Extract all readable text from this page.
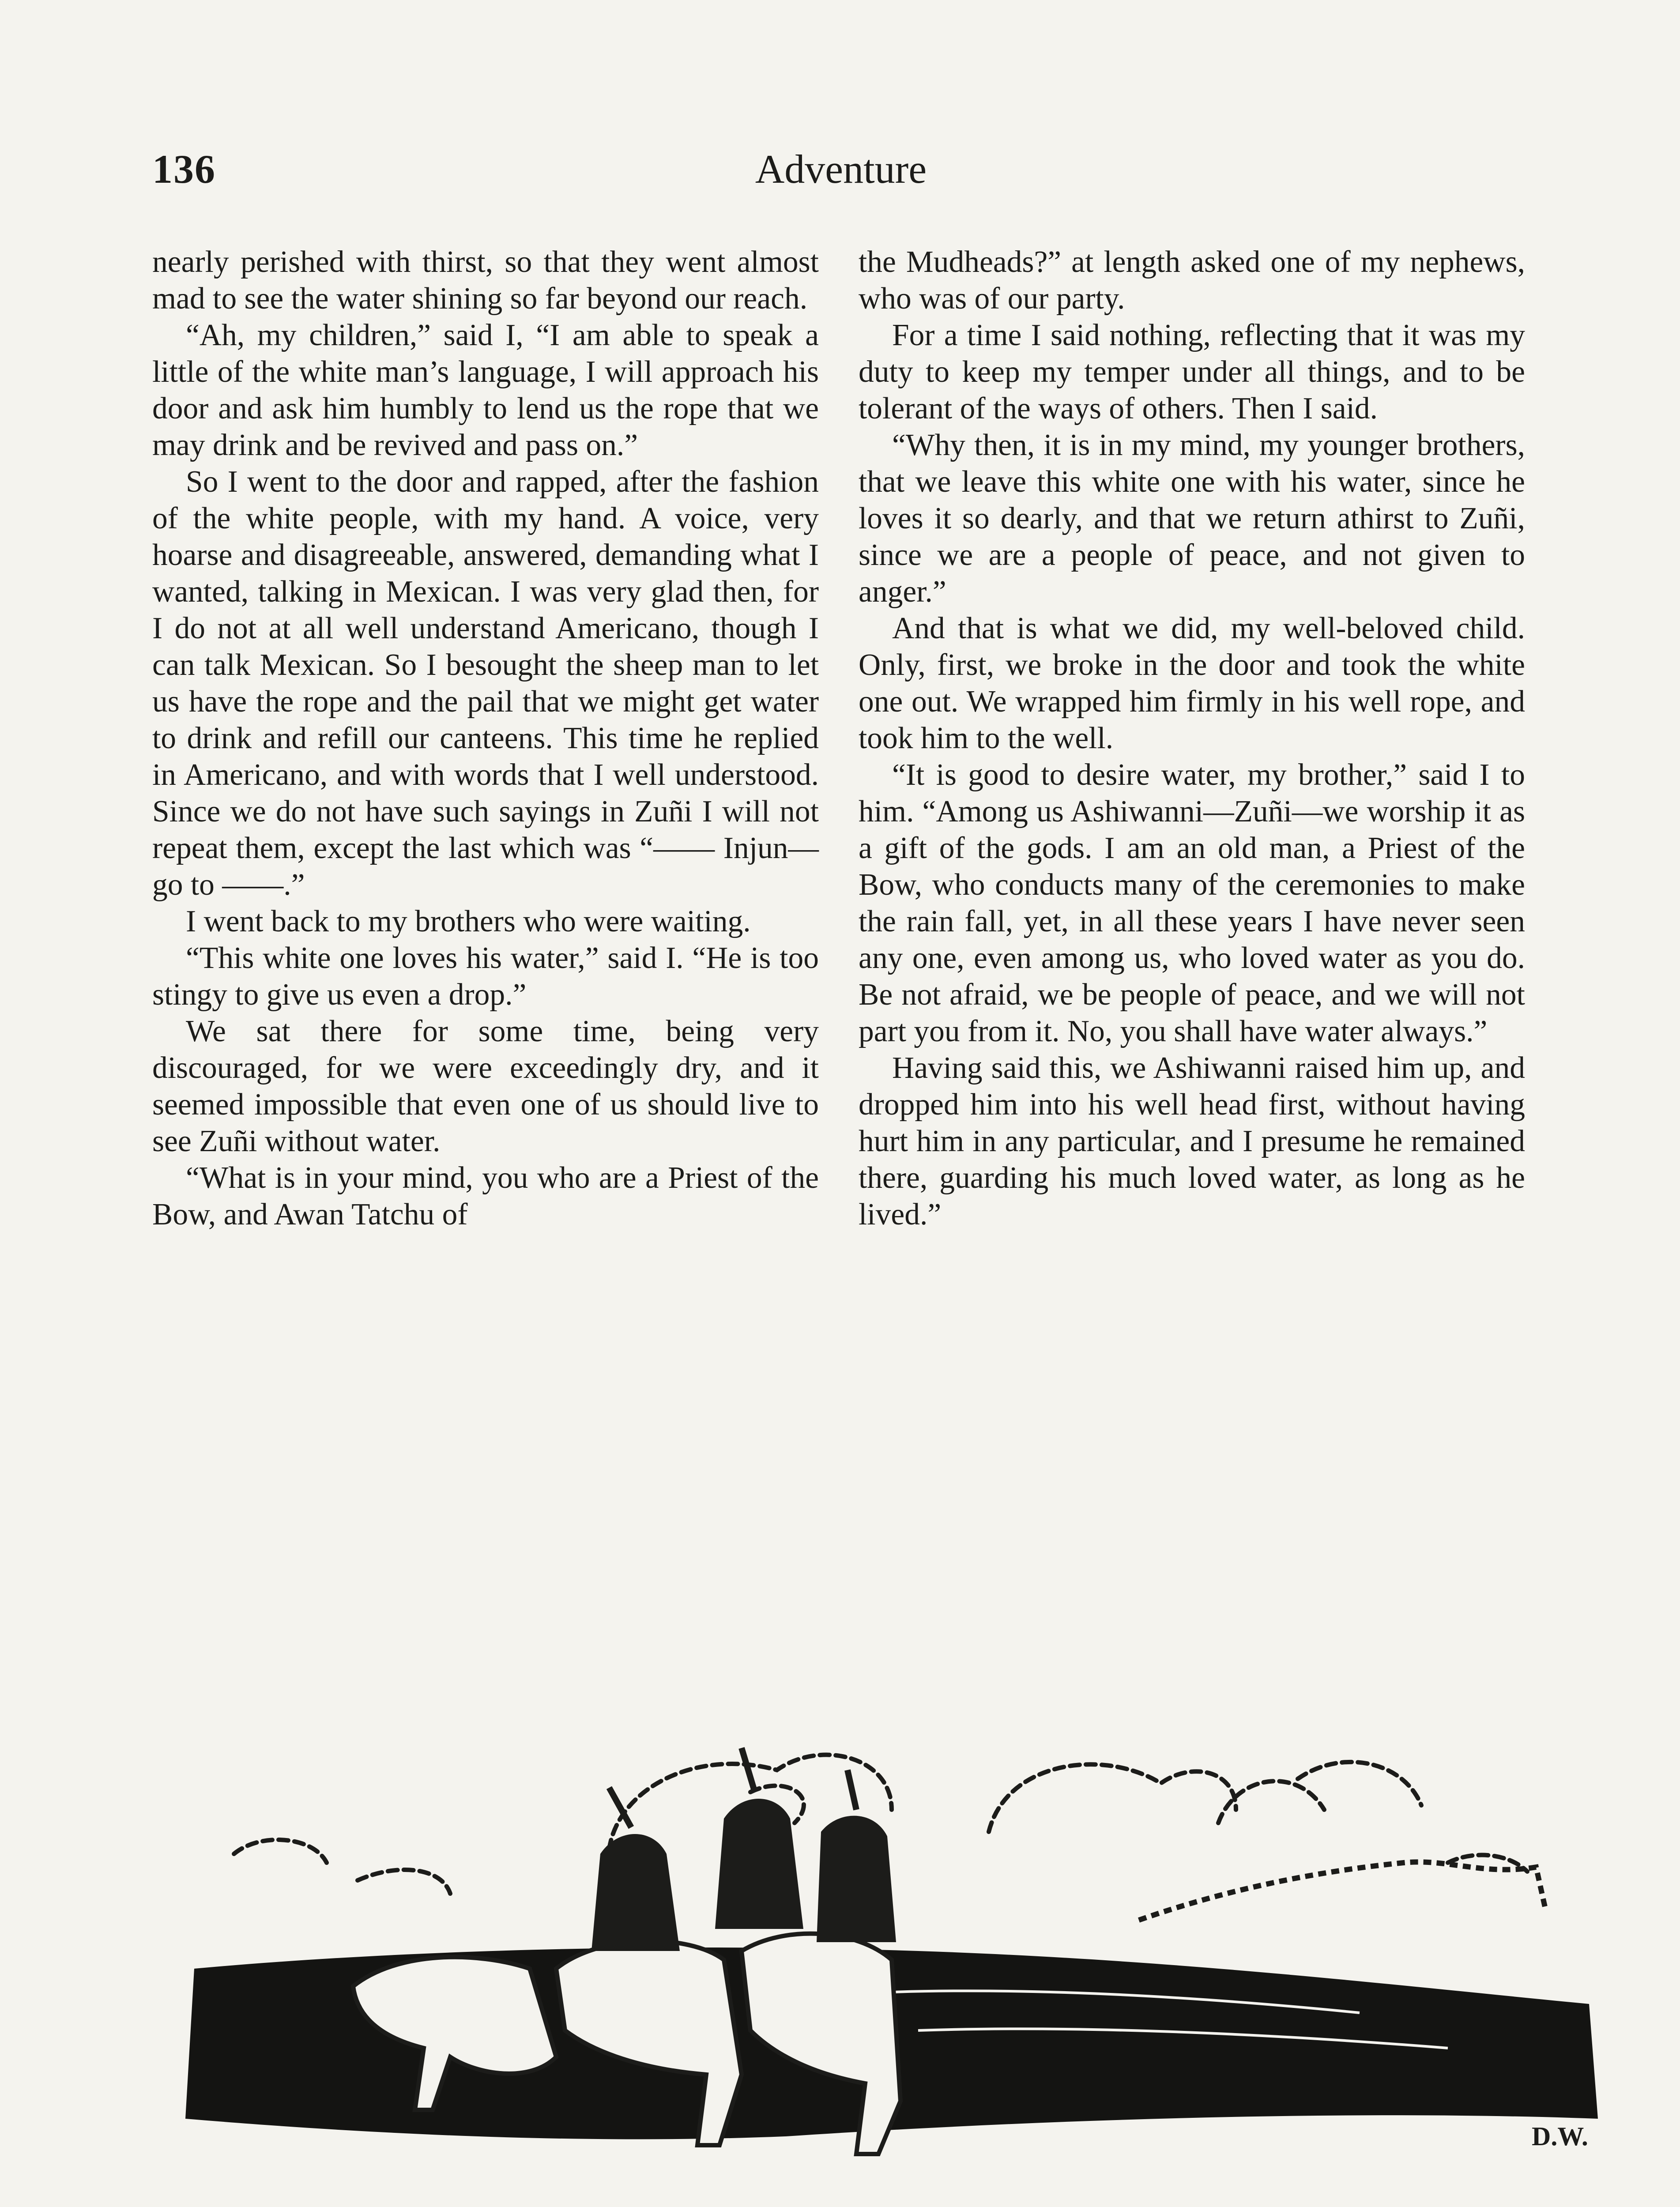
136	Adventure

nearly perished with thirst, so that they went almost mad to see the water shining so far beyond our reach.

“Ah, my children,” said I, “I am able to speak a little of the white man’s language, I will approach his door and ask him humbly to lend us the rope that we may drink and be revived and pass on.”

So I went to the door and rapped, after the fashion of the white people, with my hand. A voice, very hoarse and disagreeable, answered, demanding what I wanted, talking in Mexican. I was very glad then, for I do not at all well understand Americano, though I can talk Mexican. So I besought the sheep man to let us have the rope and the pail that we might get water to drink and refill our canteens. This time he replied in Americano, and with words that I well understood. Since we do not have such sayings in Zuñi I will not repeat them, except the last which was “—— Injun—go to ——.”

I went back to my brothers who were waiting.

“This white one loves his water,” said I. “He is too stingy to give us even a drop.”

We sat there for some time, being very discouraged, for we were exceedingly dry, and it seemed impossible that even one of us should live to see Zuñi without water.

“What is in your mind, you who are a Priest of the Bow, and Awan Tatchu of

the Mudheads?” at length asked one of my nephews, who was of our party.

For a time I said nothing, reflecting that it was my duty to keep my temper under all things, and to be tolerant of the ways of others. Then I said.

“Why then, it is in my mind, my younger brothers, that we leave this white one with his water, since he loves it so dearly, and that we return athirst to Zuñi, since we are a people of peace, and not given to anger.”

And that is what we did, my well-beloved child. Only, first, we broke in the door and took the white one out. We wrapped him firmly in his well rope, and took him to the well.

“It is good to desire water, my brother,” said I to him. “Among us Ashiwanni—Zuñi—we worship it as a gift of the gods. I am an old man, a Priest of the Bow, who conducts many of the ceremonies to make the rain fall, yet, in all these years I have never seen any one, even among us, who loved water as you do. Be not afraid, we be people of peace, and we will not part you from it. No, you shall have water always.”

Having said this, we Ashiwanni raised him up, and dropped him into his well head first, without having hurt him in any particular, and I presume he remained there, guarding his much loved water, as long as he lived.”

D.W.
